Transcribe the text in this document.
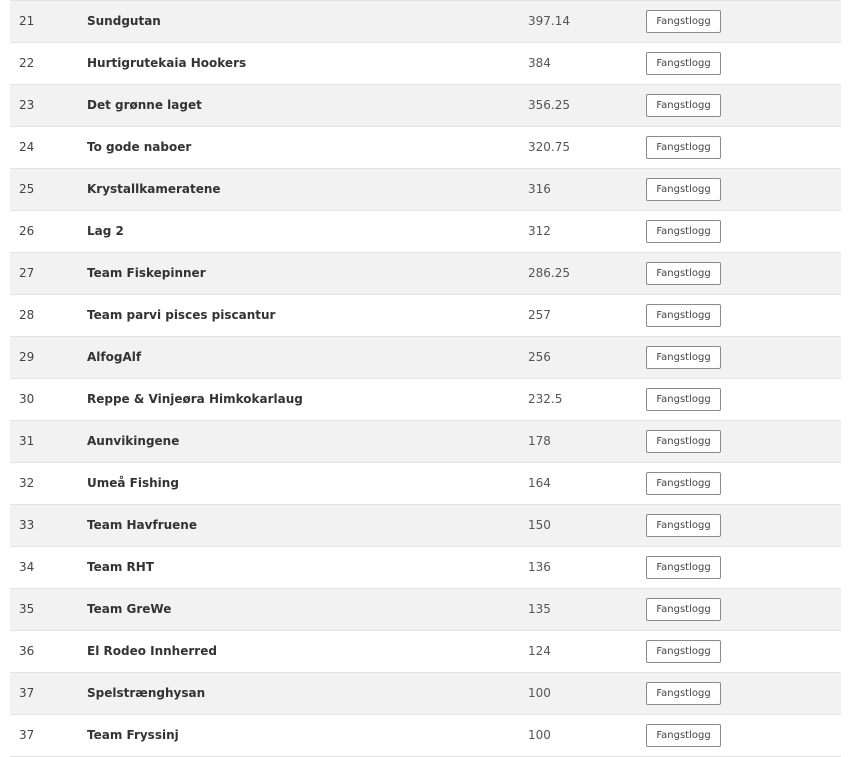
21	Sundgutan	397.14	Fangstlogg
22	Hurtigrutekaia Hookers	384	Fangstlogg
23	Det grønne laget	356.25	Fangstlogg
24	To gode naboer	320.75	Fangstlogg
25	Krystallkameratene	316	Fangstlogg
26	Lag 2	312	Fangstlogg
27	Team Fiskepinner	286.25	Fangstlogg
28	Team parvi pisces piscantur	257	Fangstlogg
29	AlfogAlf	256	Fangstlogg
30	Reppe & Vinjeøra Himkokarlaug	232.5	Fangstlogg
31	Aunvikingene	178	Fangstlogg
32	Umeå Fishing	164	Fangstlogg
33	Team Havfruene	150	Fangstlogg
34	Team RHT	136	Fangstlogg
35	Team GreWe	135	Fangstlogg
36	El Rodeo Innherred	124	Fangstlogg
37	Spelstrænghysan	100	Fangstlogg
37	Team Fryssinj	100	Fangstlogg
